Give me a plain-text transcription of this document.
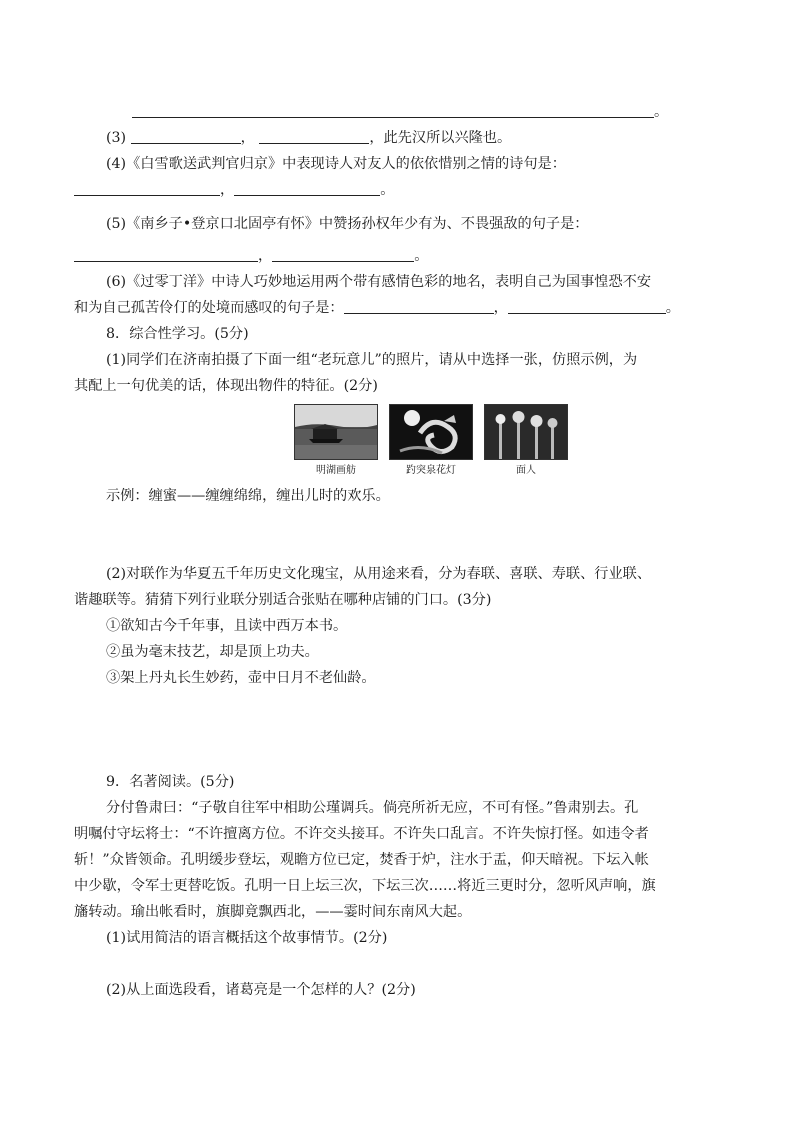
。
(3)	，	，此先汉所以兴隆也。
(4)《白雪歌送武判官归京》中表现诗人对友人的依依惜别之情的诗句是：
，	。
(5)《南乡子•登京口北固亭有怀》中赞扬孙权年少有为、不畏强敌的句子是：
，	。
(6)《过零丁洋》中诗人巧妙地运用两个带有感情色彩的地名，表明自己为国事惶恐不安
和为自己孤苦伶仃的处境而感叹的句子是：	，	。
8．综合性学习。(5分)
(1)同学们在济南拍摄了下面一组“老玩意儿”的照片，请从中选择一张，仿照示例，为
其配上一句优美的话，体现出物件的特征。(2分)
明湖画舫	趵突泉花灯	面人
示例：缠蜜——缠缠绵绵，缠出儿时的欢乐。
(2)对联作为华夏五千年历史文化瑰宝，从用途来看，分为春联、喜联、寿联、行业联、
谐趣联等。猜猜下列行业联分别适合张贴在哪种店铺的门口。(3分)
①欲知古今千年事，且读中西万本书。
②虽为毫末技艺，却是顶上功夫。
③架上丹丸长生妙药，壶中日月不老仙龄。
9．名著阅读。(5分)
分付鲁肃曰：“子敬自往军中相助公瑾调兵。倘亮所祈无应，不可有怪。”鲁肃别去。孔
明嘱付守坛将士：“不许擅离方位。不许交头接耳。不许失口乱言。不许失惊打怪。如违令者
斩！”众皆领命。孔明缓步登坛，观瞻方位已定，焚香于炉，注水于盂，仰天暗祝。下坛入帐
中少歇，令军士更替吃饭。孔明一日上坛三次，下坛三次……将近三更时分，忽听风声响，旗
旛转动。瑜出帐看时，旗脚竟飘西北，——霎时间东南风大起。
(1)试用简洁的语言概括这个故事情节。(2分)
(2)从上面选段看，诸葛亮是一个怎样的人？(2分)
